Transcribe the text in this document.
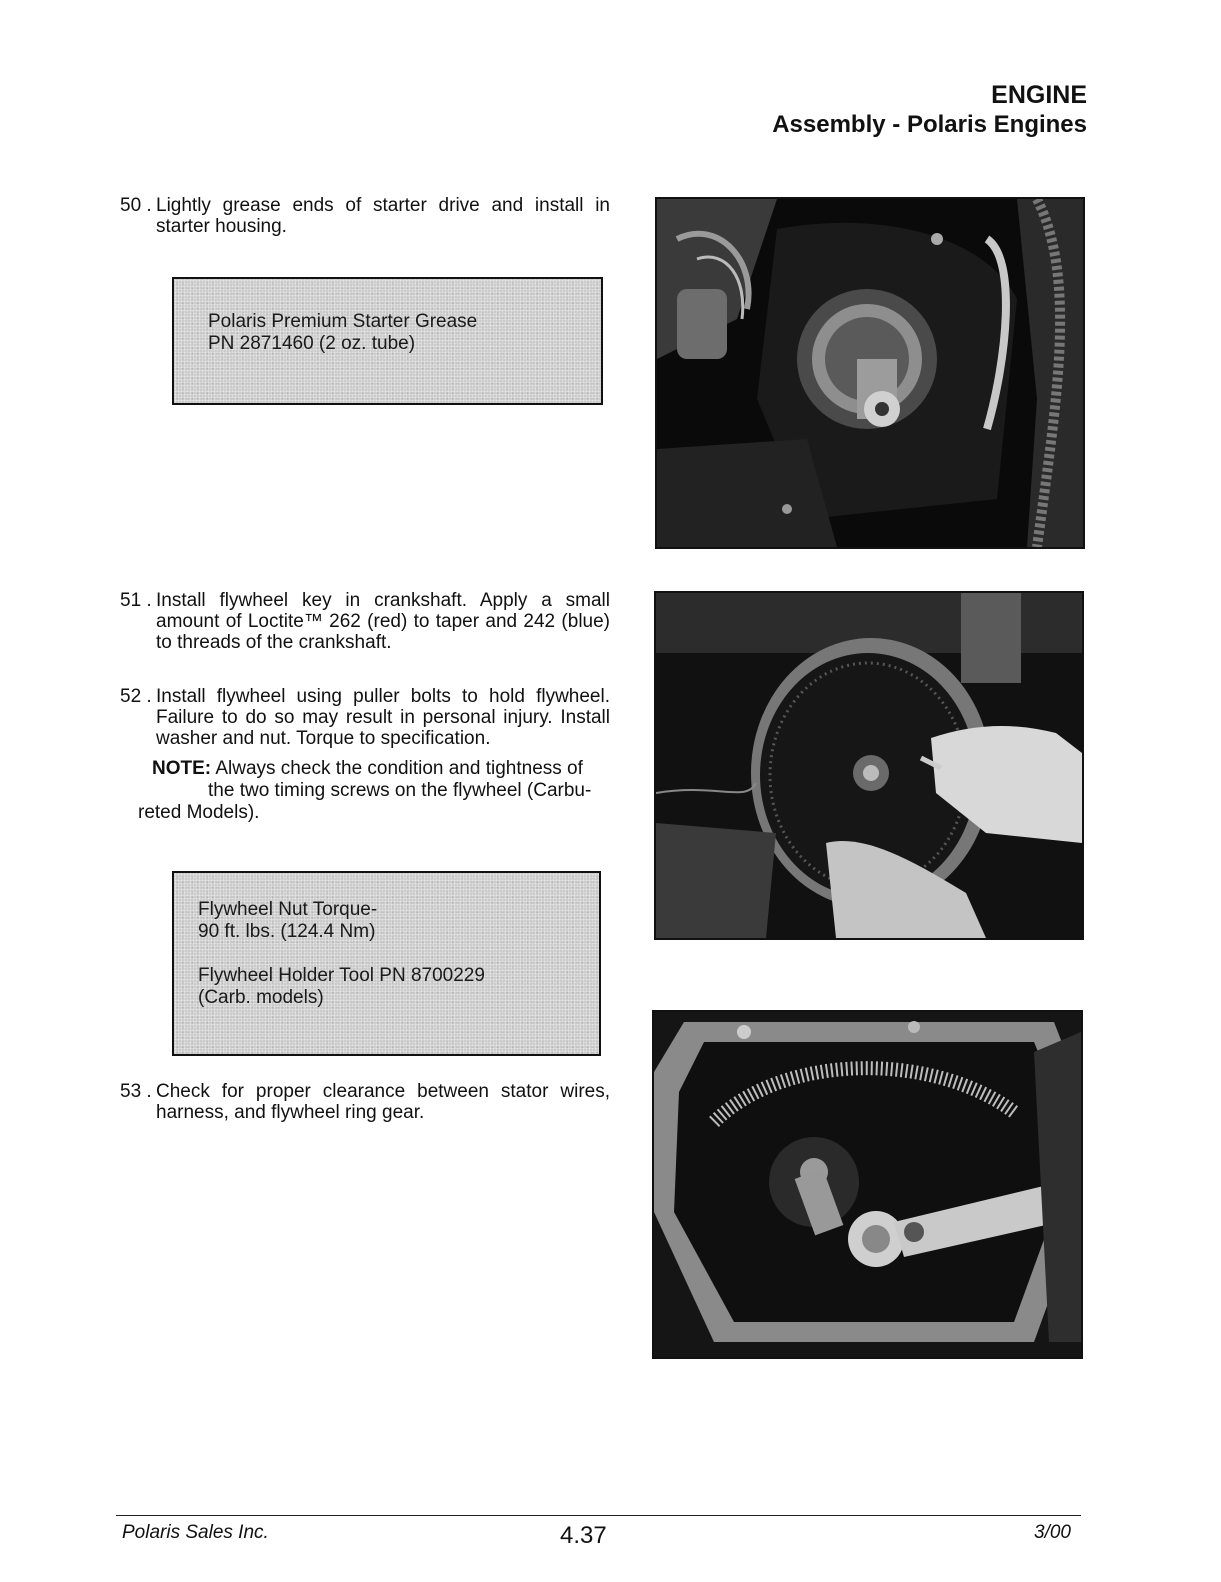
ENGINE
Assembly - Polaris Engines
50 . Lightly grease ends of starter drive and install in starter housing.
Polaris Premium Starter Grease
PN 2871460 (2 oz. tube)
51 . Install flywheel key in crankshaft. Apply a small amount of Loctite™ 262 (red) to taper and 242 (blue) to threads of the crankshaft.
52 . Install flywheel using puller bolts to hold flywheel. Failure to do so may result in personal injury. Install washer and nut. Torque to specification.
NOTE: Always check the condition and tightness of
the two timing screws on the flywheel (Carbu-
reted Models).
Flywheel Nut Torque-
90 ft. lbs. (124.4 Nm)
Flywheel Holder Tool PN 8700229
(Carb. models)
53 . Check for proper clearance between stator wires, harness, and flywheel ring gear.
Polaris Sales Inc.	4.37	3/00
